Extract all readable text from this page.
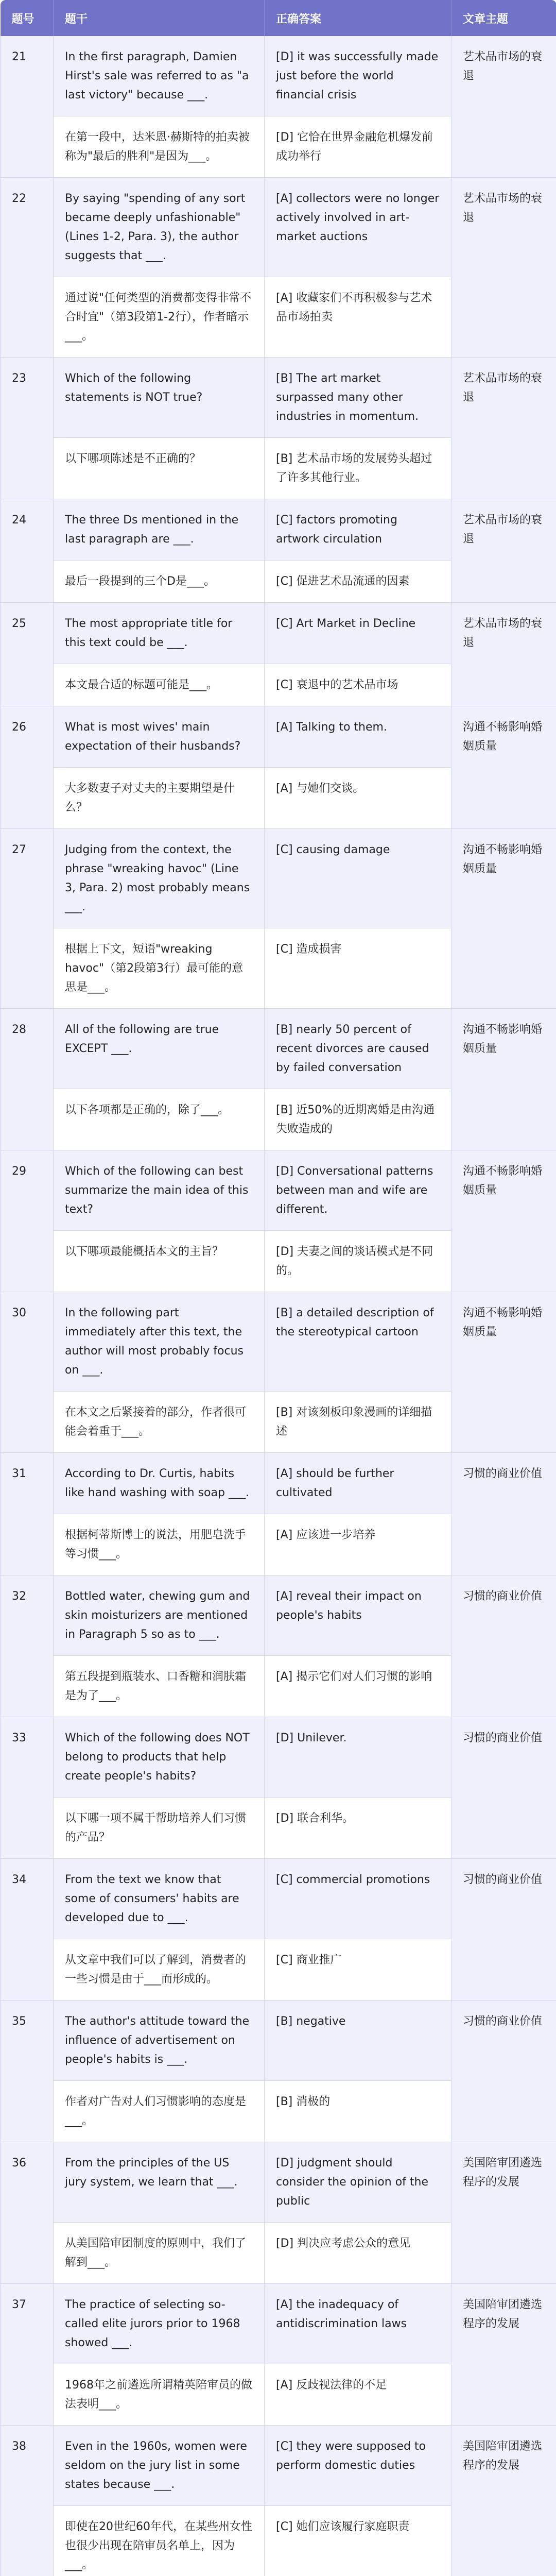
题号	题干	正确答案	文章主题
21	In the first paragraph, Damien Hirst's sale was referred to as "a last victory" because ___.	[D] it was successfully made just before the world financial crisis	艺术品市场的衰退
	在第一段中，达米恩·赫斯特的拍卖被称为"最后的胜利"是因为___。	[D] 它恰在世界金融危机爆发前成功举行	
22	By saying "spending of any sort became deeply unfashionable" (Lines 1-2, Para. 3), the author suggests that ___.	[A] collectors were no longer actively involved in art-market auctions	艺术品市场的衰退
	通过说"任何类型的消费都变得非常不合时宜"（第3段第1-2行），作者暗示___。	[A] 收藏家们不再积极参与艺术品市场拍卖	
23	Which of the following statements is NOT true?	[B] The art market surpassed many other industries in momentum.	艺术品市场的衰退
	以下哪项陈述是不正确的？	[B] 艺术品市场的发展势头超过了许多其他行业。	
24	The three Ds mentioned in the last paragraph are ___.	[C] factors promoting artwork circulation	艺术品市场的衰退
	最后一段提到的三个D是___。	[C] 促进艺术品流通的因素	
25	The most appropriate title for this text could be ___.	[C] Art Market in Decline	艺术品市场的衰退
	本文最合适的标题可能是___。	[C] 衰退中的艺术品市场	
26	What is most wives' main expectation of their husbands?	[A] Talking to them.	沟通不畅影响婚姻质量
	大多数妻子对丈夫的主要期望是什么？	[A] 与她们交谈。	
27	Judging from the context, the phrase "wreaking havoc" (Line 3, Para. 2) most probably means ___.	[C] causing damage	沟通不畅影响婚姻质量
	根据上下文，短语"wreaking havoc"（第2段第3行）最可能的意思是___。	[C] 造成损害	
28	All of the following are true EXCEPT ___.	[B] nearly 50 percent of recent divorces are caused by failed conversation	沟通不畅影响婚姻质量
	以下各项都是正确的，除了___。	[B] 近50%的近期离婚是由沟通失败造成的	
29	Which of the following can best summarize the main idea of this text?	[D] Conversational patterns between man and wife are different.	沟通不畅影响婚姻质量
	以下哪项最能概括本文的主旨？	[D] 夫妻之间的谈话模式是不同的。	
30	In the following part immediately after this text, the author will most probably focus on ___.	[B] a detailed description of the stereotypical cartoon	沟通不畅影响婚姻质量
	在本文之后紧接着的部分，作者很可能会着重于___。	[B] 对该刻板印象漫画的详细描述	
31	According to Dr. Curtis, habits like hand washing with soap ___.	[A] should be further cultivated	习惯的商业价值
	根据柯蒂斯博士的说法，用肥皂洗手等习惯___。	[A] 应该进一步培养	
32	Bottled water, chewing gum and skin moisturizers are mentioned in Paragraph 5 so as to ___.	[A] reveal their impact on people's habits	习惯的商业价值
	第五段提到瓶装水、口香糖和润肤霜是为了___。	[A] 揭示它们对人们习惯的影响	
33	Which of the following does NOT belong to products that help create people's habits?	[D] Unilever.	习惯的商业价值
	以下哪一项不属于帮助培养人们习惯的产品？	[D] 联合利华。	
34	From the text we know that some of consumers' habits are developed due to ___.	[C] commercial promotions	习惯的商业价值
	从文章中我们可以了解到，消费者的一些习惯是由于___而形成的。	[C] 商业推广	
35	The author's attitude toward the influence of advertisement on people's habits is ___.	[B] negative	习惯的商业价值
	作者对广告对人们习惯影响的态度是___。	[B] 消极的	
36	From the principles of the US jury system, we learn that ___.	[D] judgment should consider the opinion of the public	美国陪审团遴选程序的发展
	从美国陪审团制度的原则中，我们了解到___。	[D] 判决应考虑公众的意见	
37	The practice of selecting so-called elite jurors prior to 1968 showed ___.	[A] the inadequacy of antidiscrimination laws	美国陪审团遴选程序的发展
	1968年之前遴选所谓精英陪审员的做法表明___。	[A] 反歧视法律的不足	
38	Even in the 1960s, women were seldom on the jury list in some states because ___.	[C] they were supposed to perform domestic duties	美国陪审团遴选程序的发展
	即使在20世纪60年代，在某些州女性也很少出现在陪审员名单上，因为___。	[C] 她们应该履行家庭职责	
